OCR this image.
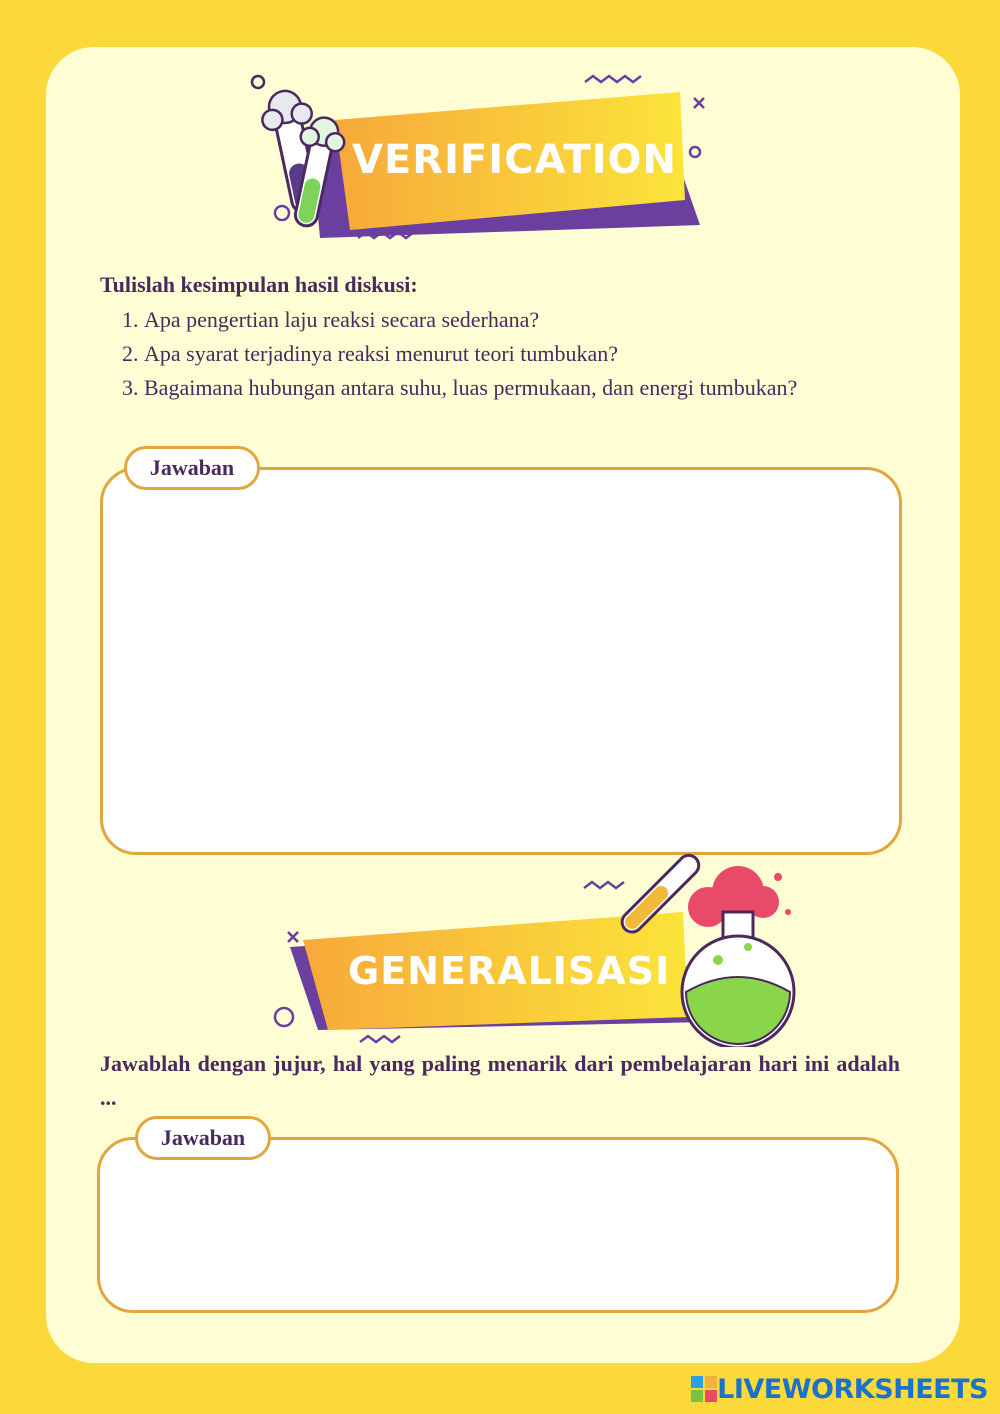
VERIFICATION
Tulislah kesimpulan hasil diskusi:
1. Apa pengertian laju reaksi secara sederhana?
2. Apa syarat terjadinya reaksi menurut teori tumbukan?
3. Bagaimana hubungan antara suhu, luas permukaan, dan energi tumbukan?
Jawaban
GENERALISASI
Jawablah dengan jujur, hal yang paling menarik dari pembelajaran hari ini adalah ...
Jawaban
LIVEWORKSHEETS
